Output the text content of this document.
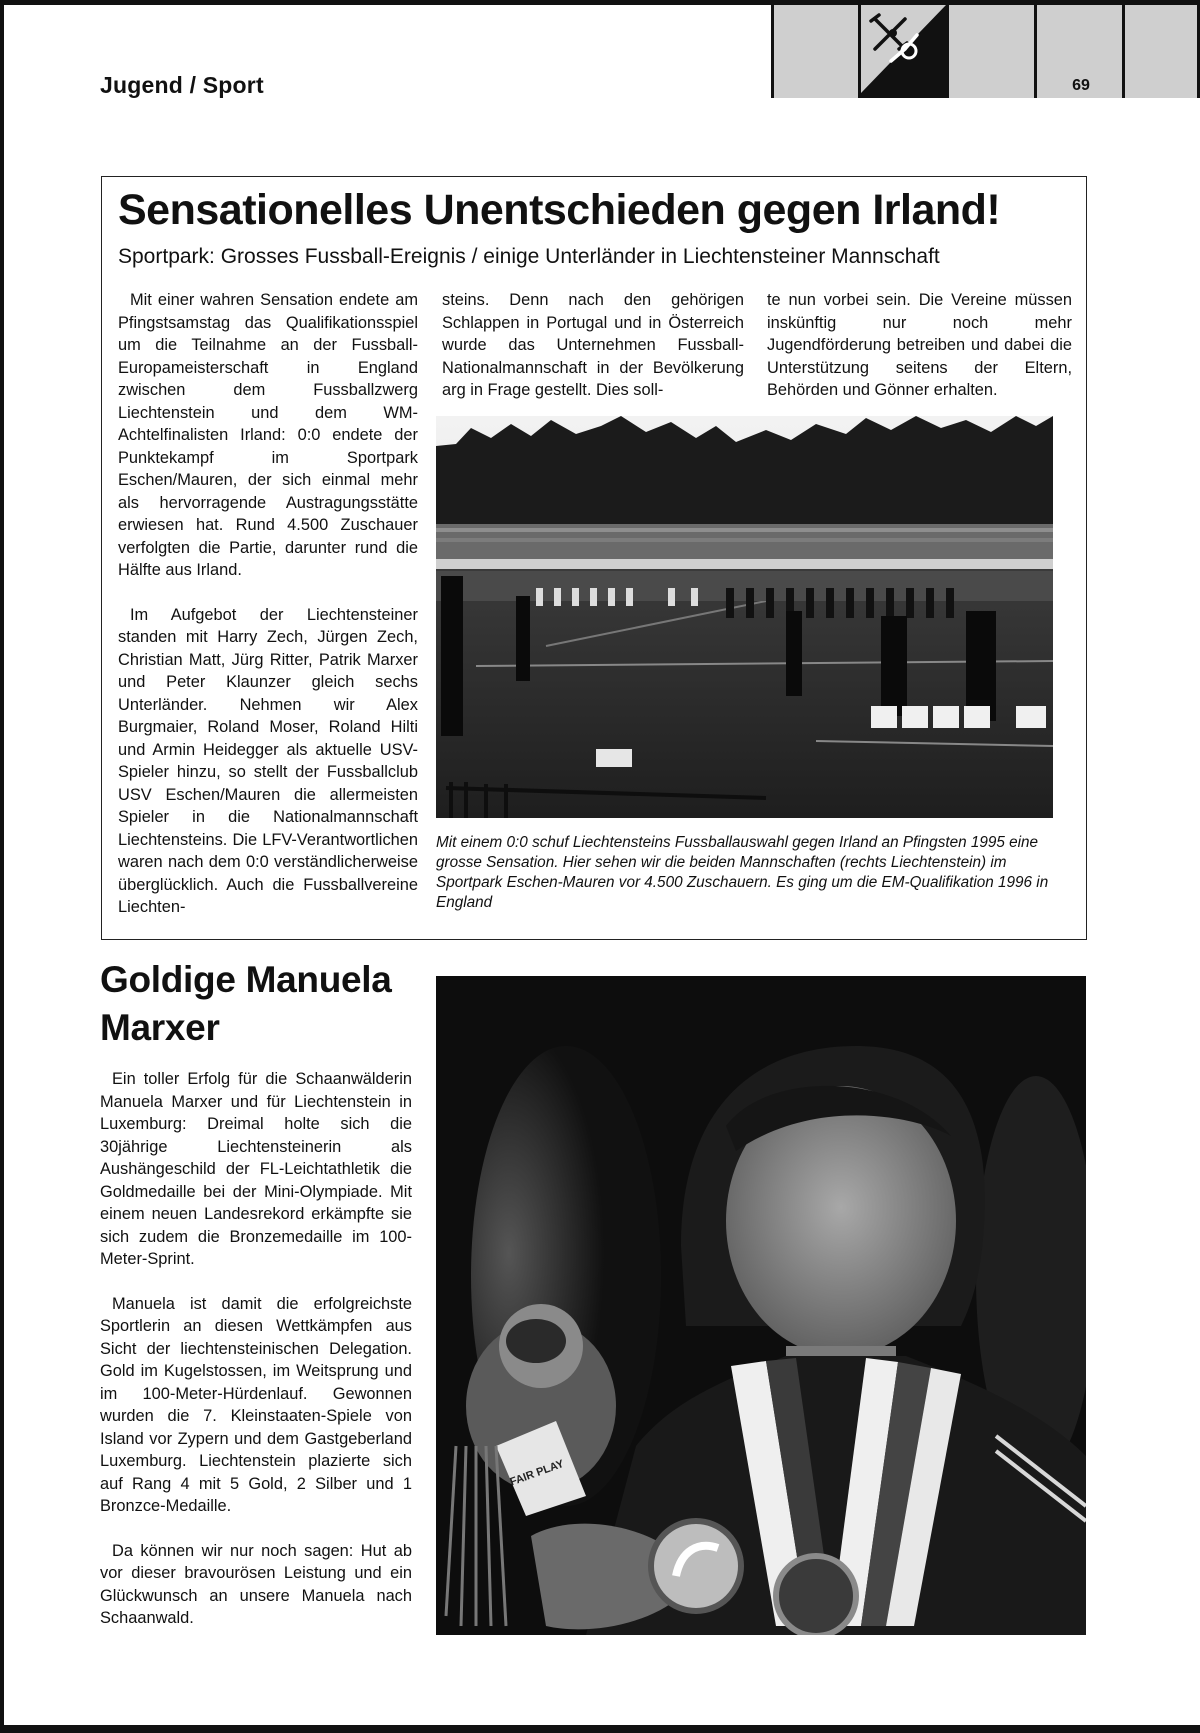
Jugend / Sport	69
Sensationelles Unentschieden gegen Irland!
Sportpark: Grosses Fussball-Ereignis / einige Unterländer in Liechtensteiner Mannschaft

Mit einer wahren Sensation endete am Pfingstsamstag das Qualifikationsspiel um die Teilnahme an der Fussball-Europameisterschaft in England zwischen dem Fussballzwerg Liechtenstein und dem WM-Achtelfinalisten Irland: 0:0 endete der Punktekampf im Sportpark Eschen/Mauren, der sich einmal mehr als hervorragende Austragungsstätte erwiesen hat. Rund 4.500 Zuschauer verfolgten die Partie, darunter rund die Hälfte aus Irland.

Im Aufgebot der Liechtensteiner standen mit Harry Zech, Jürgen Zech, Christian Matt, Jürg Ritter, Patrik Marxer und Peter Klaunzer gleich sechs Unterländer. Nehmen wir Alex Burgmaier, Roland Moser, Roland Hilti und Armin Heidegger als aktuelle USV-Spieler hinzu, so stellt der Fussballclub USV Eschen/Mauren die allermeisten Spieler in die Nationalmannschaft Liechtensteins. Die LFV-Verantwortlichen waren nach dem 0:0 verständlicherweise überglücklich. Auch die Fussballvereine Liechten-

steins. Denn nach den gehörigen Schlappen in Portugal und in Österreich wurde das Unternehmen Fussball-Nationalmannschaft in der Bevölkerung arg in Frage gestellt. Dies soll-

te nun vorbei sein. Die Vereine müssen inskünftig nur noch mehr Jugendförderung betreiben und dabei die Unterstützung seitens der Eltern, Behörden und Gönner erhalten.

Mit einem 0:0 schuf Liechtensteins Fussballauswahl gegen Irland an Pfingsten 1995 eine grosse Sensation. Hier sehen wir die beiden Mannschaften (rechts Liechtenstein) im Sportpark Eschen-Mauren vor 4.500 Zuschauern. Es ging um die EM-Qualifikation 1996 in England
Goldige Manuela Marxer

Ein toller Erfolg für die Schaanwälderin Manuela Marxer und für Liechtenstein in Luxemburg: Dreimal holte sich die 30jährige Liechtensteinerin als Aushängeschild der FL-Leichtathletik die Goldmedaille bei der Mini-Olympiade. Mit einem neuen Landesrekord erkämpfte sie sich zudem die Bronzemedaille im 100-Meter-Sprint.

Manuela ist damit die erfolgreichste Sportlerin an diesen Wettkämpfen aus Sicht der liechtensteinischen Delegation. Gold im Kugelstossen, im Weitsprung und im 100-Meter-Hürdenlauf. Gewonnen wurden die 7. Kleinstaaten-Spiele von Island vor Zypern und dem Gastgeberland Luxemburg. Liechtenstein plazierte sich auf Rang 4 mit 5 Gold, 2 Silber und 1 Bronzce-Medaille.

Da können wir nur noch sagen: Hut ab vor dieser bravourösen Leistung und ein Glückwunsch an unsere Manuela nach Schaanwald.

FAIR PLAY
